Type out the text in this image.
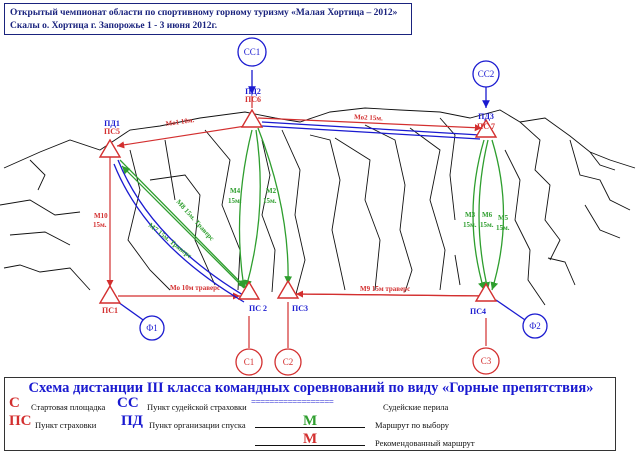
ПД1
ПС5
ПД2
ПС6
ПД3
ПС 7
ПС1	ПС 2	ПС3	ПС4
СС1
СС2
С1	С2	С3
Ф1	Ф2
Мо1 10м.	Мо2 15м.
Мо 10м траверс	М9 15м траверс
М10
15м.	М8 15м. Траверс
М7 15м. Траверс
М4
15м.
М2
15м.
М3
15м.
М6
15м.
М5
15м.
Открытый чемпионат области по спортивному горному туризму «Малая Хортица – 2012»
Скалы о. Хортица г. Запорожье 1 - 3 июня 2012г.
Схема дистанции III класса командных соревнований по виду «Горные препятствия»
С Стартовая площадка СС Пункт судейской страховки ==================	Судейские перила
ПС Пункт страховки ПД Пункт организации спуска	М	Маршрут по выбору
М	Рекомендованный маршрут
